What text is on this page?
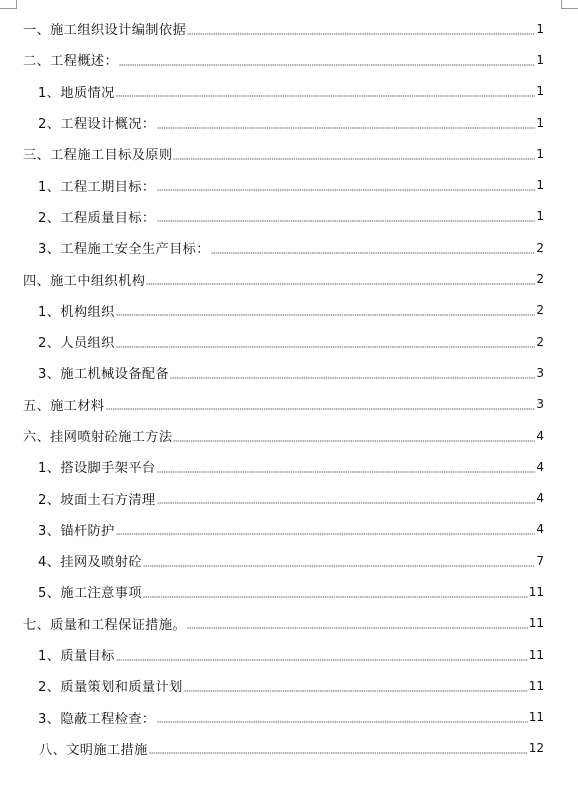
一、施工组织设计编制依据	1
二、工程概述：	1
1、地质情况	1
2、工程设计概况：	1
三、工程施工目标及原则	1
1、工程工期目标：	1
2、工程质量目标：	1
3、工程施工安全生产目标：	2
四、施工中组织机构	2
1、机构组织	2
2、人员组织	2
3、施工机械设备配备	3
五、施工材料	3
六、挂网喷射砼施工方法	4
1、搭设脚手架平台	4
2、坡面土石方清理	4
3、锚杆防护	4
4、挂网及喷射砼	7
5、施工注意事项	11
七、质量和工程保证措施。	11
1、质量目标	11
2、质量策划和质量计划	11
3、隐蔽工程检查：	11
八、文明施工措施	12
